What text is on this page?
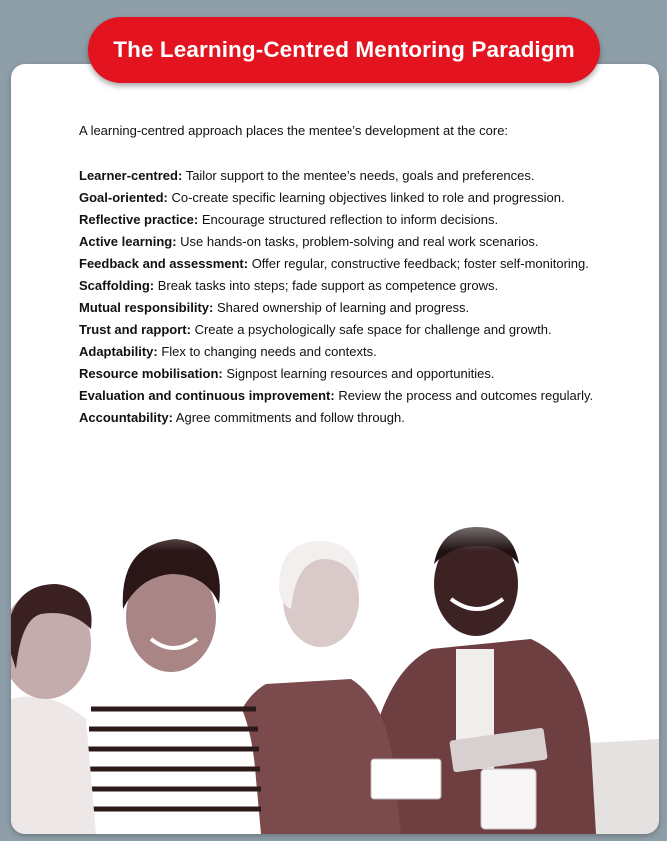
The Learning-Centred Mentoring Paradigm

A learning-centred approach places the mentee’s development at the core:

Learner-centred: Tailor support to the mentee’s needs, goals and preferences.

Goal-oriented: Co-create specific learning objectives linked to role and progression.

Reflective practice: Encourage structured reflection to inform decisions.

Active learning: Use hands-on tasks, problem-solving and real work scenarios.

Feedback and assessment: Offer regular, constructive feedback; foster self-monitoring.

Scaffolding: Break tasks into steps; fade support as competence grows.

Mutual responsibility: Shared ownership of learning and progress.

Trust and rapport: Create a psychologically safe space for challenge and growth.

Adaptability: Flex to changing needs and contexts.

Resource mobilisation: Signpost learning resources and opportunities.

Evaluation and continuous improvement: Review the process and outcomes regularly.

Accountability: Agree commitments and follow through.
